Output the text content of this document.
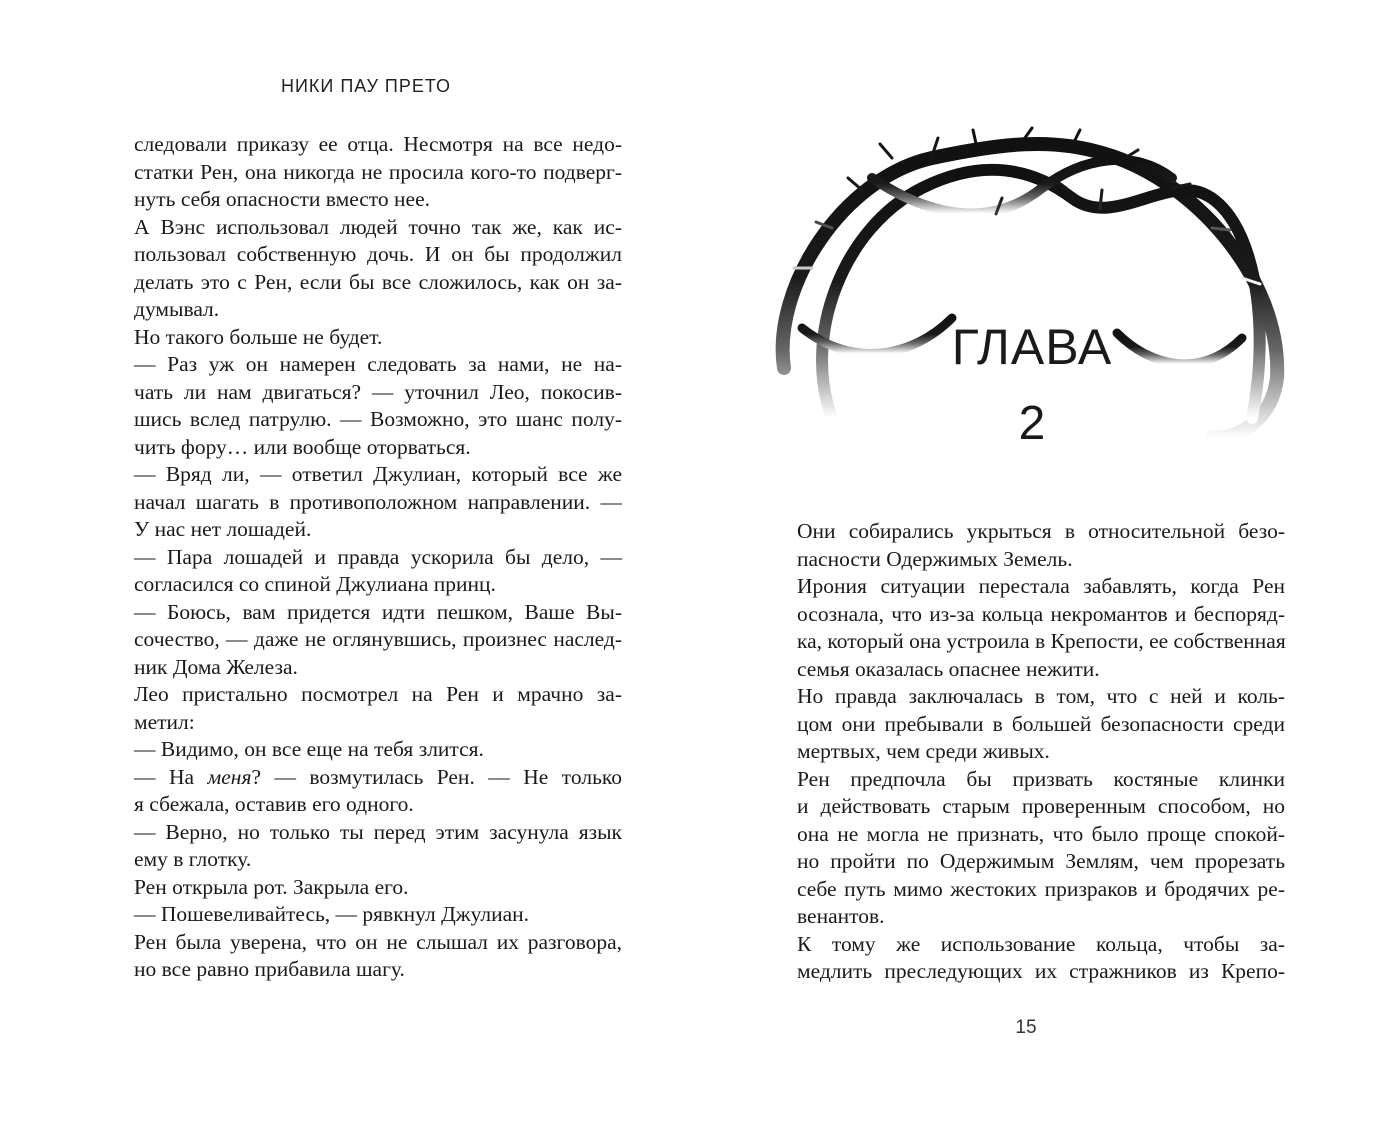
НИКИ ПАУ ПРЕТО
следовали приказу ее отца. Несмотря на все недо-
статки Рен, она никогда не просила кого-то подверг-
нуть себя опасности вместо нее.
А Вэнс использовал людей точно так же, как ис-
пользовал собственную дочь. И он бы продолжил
делать это с Рен, если бы все сложилось, как он за-
думывал.
Но такого больше не будет.
— Раз уж он намерен следовать за нами, не на-
чать ли нам двигаться? — уточнил Лео, покосив-
шись вслед патрулю. — Возможно, это шанс полу-
чить фору… или вообще оторваться.
— Вряд ли, — ответил Джулиан, который все же
начал шагать в противоположном направлении. —
У нас нет лошадей.
— Пара лошадей и правда ускорила бы дело, —
согласился со спиной Джулиана принц.
— Боюсь, вам придется идти пешком, Ваше Вы-
сочество, — даже не оглянувшись, произнес наслед-
ник Дома Железа.
Лео пристально посмотрел на Рен и мрачно за-
метил:
— Видимо, он все еще на тебя злится.
— На меня? — возмутилась Рен. — Не только
я сбежала, оставив его одного.
— Верно, но только ты перед этим засунула язык
ему в глотку.
Рен открыла рот. Закрыла его.
— Пошевеливайтесь, — рявкнул Джулиан.
Рен была уверена, что он не слышал их разговора,
но все равно прибавила шагу.
ГЛАВА
2
Они собирались укрыться в относительной безо-
пасности Одержимых Земель.
Ирония ситуации перестала забавлять, когда Рен
осознала, что из-за кольца некромантов и беспоряд-
ка, который она устроила в Крепости, ее собственная
семья оказалась опаснее нежити.
Но правда заключалась в том, что с ней и коль-
цом они пребывали в большей безопасности среди
мертвых, чем среди живых.
Рен предпочла бы призвать костяные клинки
и действовать старым проверенным способом, но
она не могла не признать, что было проще спокой-
но пройти по Одержимым Землям, чем прорезать
себе путь мимо жестоких призраков и бродячих ре-
венантов.
К тому же использование кольца, чтобы за-
медлить преследующих их стражников из Крепо-
15
